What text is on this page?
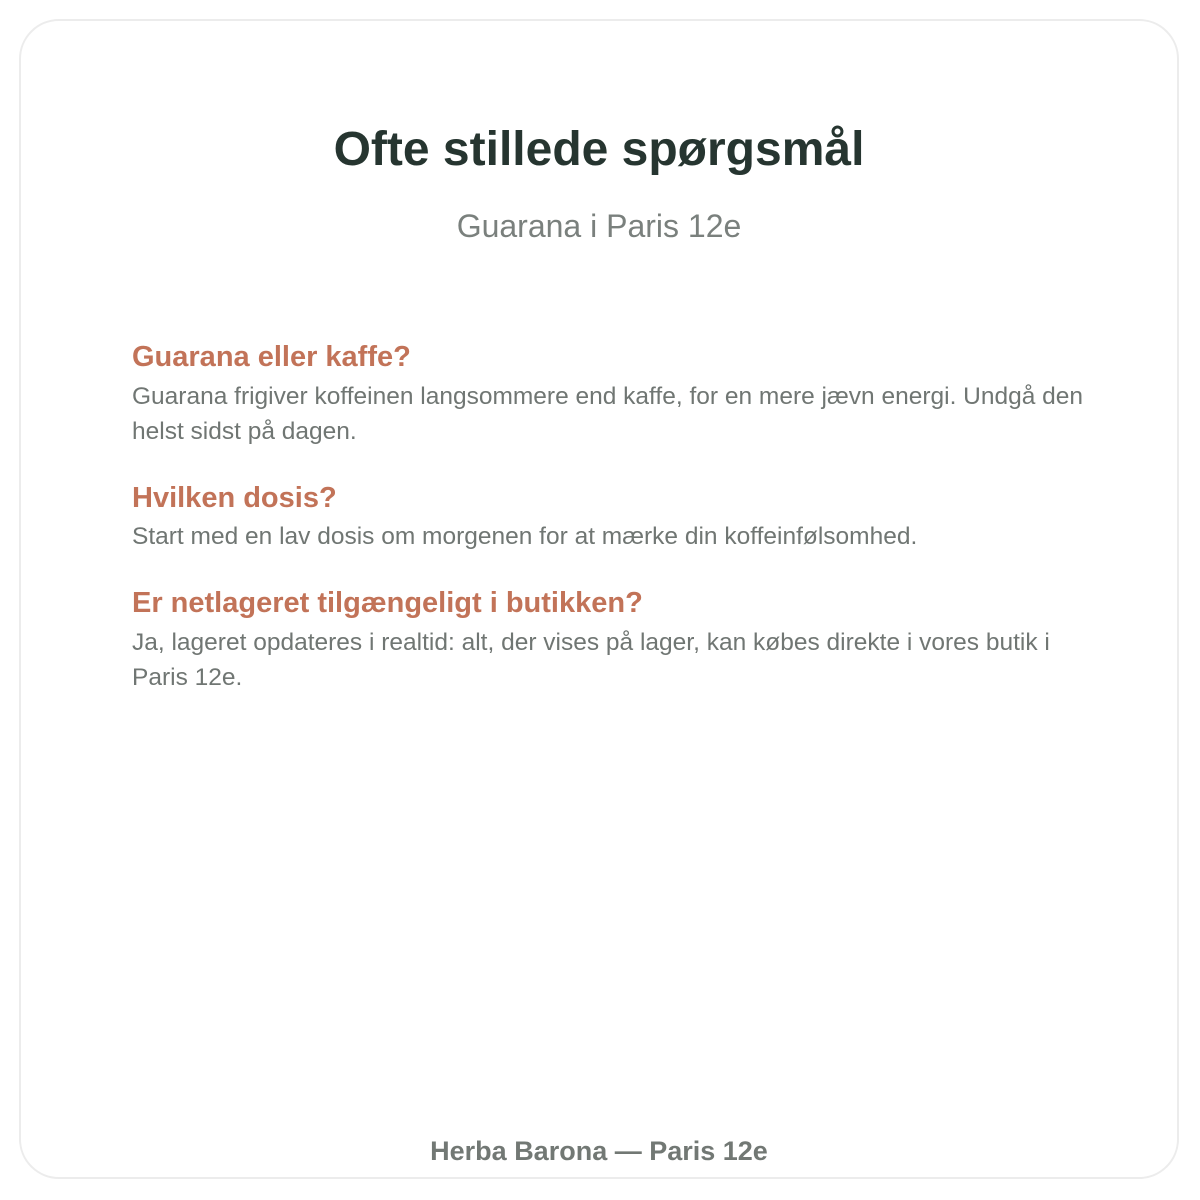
Ofte stillede spørgsmål
Guarana i Paris 12e
Guarana eller kaffe?

Guarana frigiver koffeinen langsommere end kaffe, for en mere jævn energi. Undgå den helst sidst på dagen.

Hvilken dosis?

Start med en lav dosis om morgenen for at mærke din koffeinfølsomhed.

Er netlageret tilgængeligt i butikken?

Ja, lageret opdateres i realtid: alt, der vises på lager, kan købes direkte i vores butik i Paris 12e.

Herba Barona — Paris 12e
